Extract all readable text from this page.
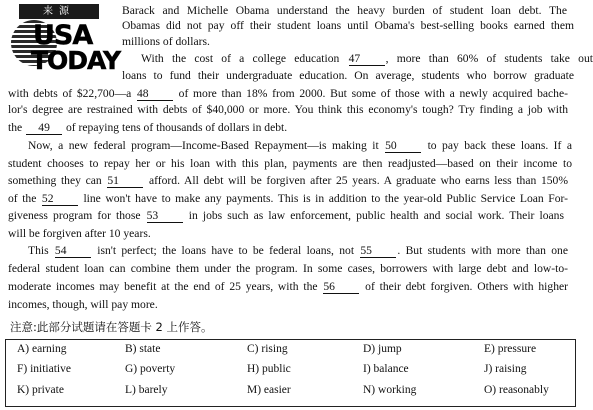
来源
USA
TODAY
Barack and Michelle Obama understand the heavy burden of student loan debt. The
Obamas did not pay off their student loans until Obama's best-selling books earned them
millions of dollars.
With the cost of a college education 47 , more than 60% of students take out
loans to fund their undergraduate education. On average, students who borrow graduate
with debts of $22,700—a 48 of more than 18% from 2000. But some of those with a newly acquired bache-
lor's degree are restrained with debts of $40,000 or more. You think this economy's tough? Try finding a job with
the 49 of repaying tens of thousands of dollars in debt.
Now, a new federal program—Income-Based Repayment—is making it 50 to pay back these loans. If a
student chooses to repay her or his loan with this plan, payments are then readjusted—based on their income to
something they can 51 afford. All debt will be forgiven after 25 years. A graduate who earns less than 150%
of the 52 line won't have to make any payments. This is in addition to the year-old Public Service Loan For-
giveness program for those 53 in jobs such as law enforcement, public health and social work. Their loans
will be forgiven after 10 years.
This 54 isn't perfect; the loans have to be federal loans, not 55 . But students with more than one
federal student loan can combine them under the program. In some cases, borrowers with large debt and low-to-
moderate incomes may benefit at the end of 25 years, with the 56 of their debt forgiven. Others with higher
incomes, though, will pay more.
注意:此部分试题请在答题卡 2 上作答。
A) earning	B) state	C) rising	D) jump	E) pressure
F) initiative	G) poverty	H) public	I) balance	J) raising
K) private	L) barely	M) easier	N) working	O) reasonably
